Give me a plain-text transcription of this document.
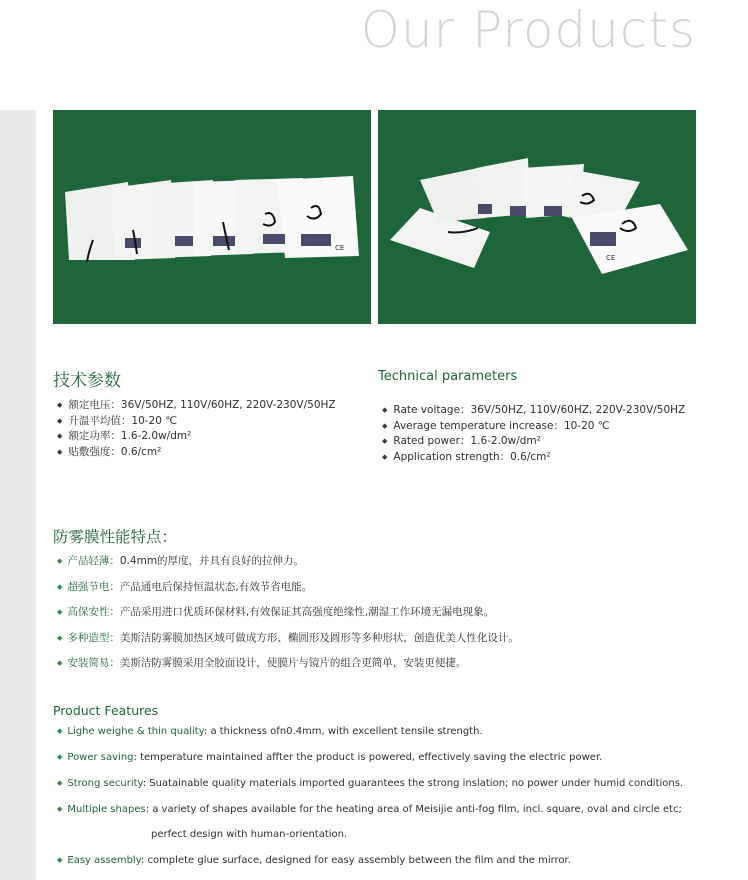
Our Products
CE
CE
技术参数
◆ 额定电压：36V/50HZ, 110V/60HZ, 220V-230V/50HZ
◆ 升温平均值：10-20 ℃
◆ 额定功率：1.6-2.0w/dm²
◆ 贴敷强度：0.6/cm²
Technical parameters
◆ Rate voltage：36V/50HZ, 110V/60HZ, 220V-230V/50HZ
◆ Average temperature increase：10-20 ℃
◆ Rated power：1.6-2.0w/dm²
◆ Application strength：0.6/cm²
防雾膜性能特点：
◆ 产品轻薄：0.4mm的厚度，并具有良好的拉伸力。
◆ 超强节电：产品通电后保持恒温状态,有效节省电能。
◆ 高保安性：产品采用进口优质环保材料,有效保证其高强度绝缘性,潮湿工作环境无漏电现象。
◆ 多种造型：美斯洁防雾膜加热区域可做成方形、椭圆形及圆形等多种形状，创造优美人性化设计。
◆ 安装简易：美斯洁防雾膜采用全胶面设计，使膜片与镜片的组合更简单，安装更便捷。
Product Features
◆ Lighe weighe & thin quality: a thickness ofn0.4mm, with excellent tensile strength.
◆ Power saving: temperature maintained affter the product is powered, effectively saving the electric power.
◆ Strong security: Suatainable quality materials imported guarantees the strong inslation; no power under humid conditions.
◆ Multiple shapes: a variety of shapes available for the heating area of Meisijie anti-fog film, incl. square, oval and circle etc;
perfect design with human-orientation.
◆ Easy assembly: complete glue surface, designed for easy assembly between the film and the mirror.
